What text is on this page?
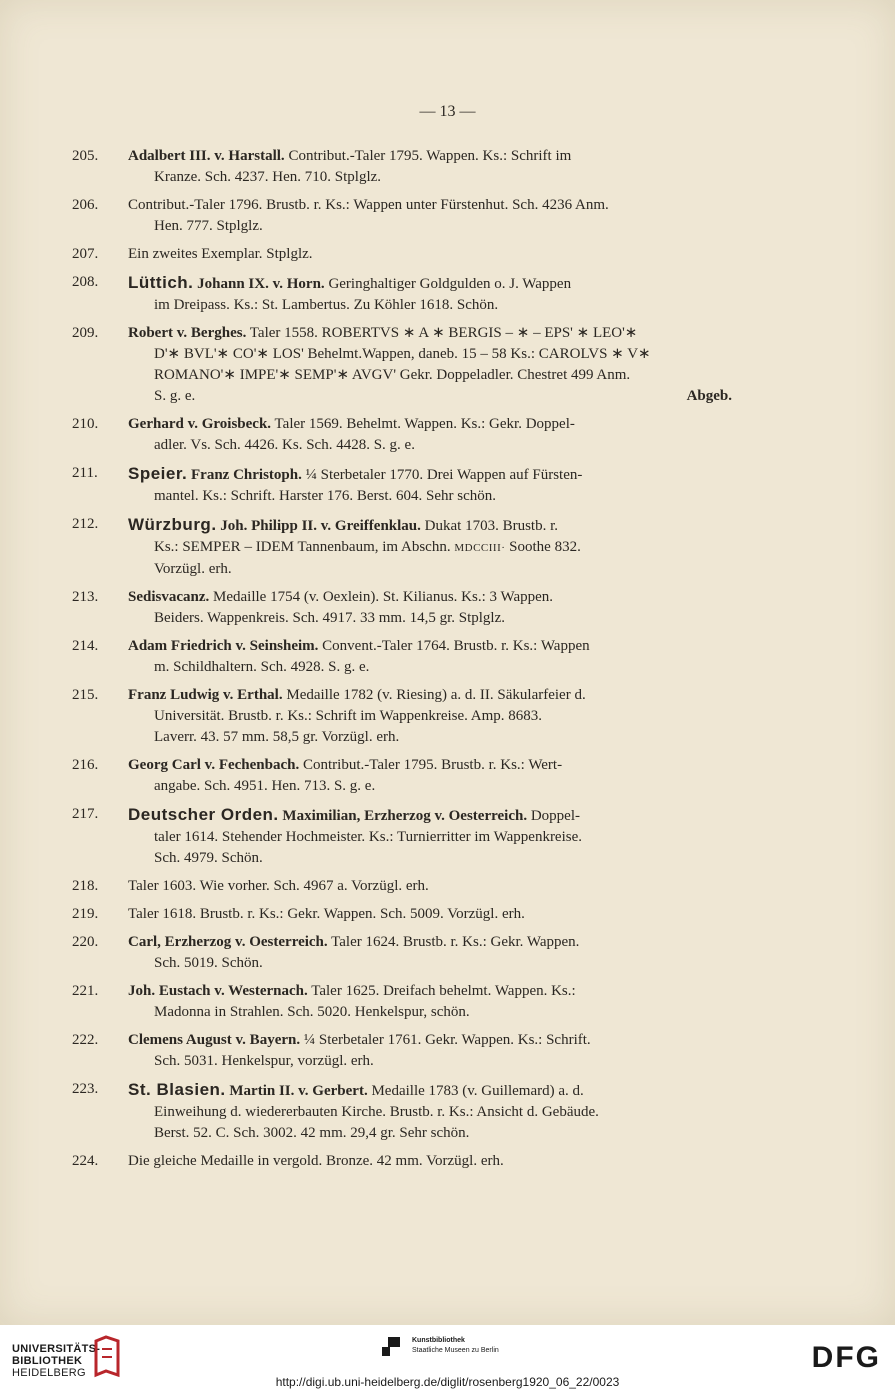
— 13 —
205.	Adalbert III. v. Harstall. Contribut.-Taler 1795. Wappen. Ks.: Schrift im
Kranze. Sch. 4237. Hen. 710. Stplglz.
206.	Contribut.-Taler 1796. Brustb. r. Ks.: Wappen unter Fürstenhut. Sch. 4236 Anm.
Hen. 777. Stplglz.
207.	Ein zweites Exemplar. Stplglz.
208.	Lüttich. Johann IX. v. Horn. Geringhaltiger Goldgulden o. J. Wappen
im Dreipass. Ks.: St. Lambertus. Zu Köhler 1618. Schön.
209.	Robert v. Berghes. Taler 1558. ROBERTVS ∗ A ∗ BERGIS – ∗ – EPS' ∗ LEO'∗
D'∗ BVL'∗ CO'∗ LOS' Behelmt.Wappen, daneb. 15 – 58 Ks.: CAROLVS ∗ V∗
ROMANO'∗ IMPE'∗ SEMP'∗ AVGV' Gekr. Doppeladler. Chestret 499 Anm.
Abgeb.
S. g. e.
210.	Gerhard v. Groisbeck. Taler 1569. Behelmt. Wappen. Ks.: Gekr. Doppel-
adler. Vs. Sch. 4426. Ks. Sch. 4428. S. g. e.
211.	Speier. Franz Christoph. ¼ Sterbetaler 1770. Drei Wappen auf Fürsten-
mantel. Ks.: Schrift. Harster 176. Berst. 604. Sehr schön.
212.	Würzburg. Joh. Philipp II. v. Greiffenklau. Dukat 1703. Brustb. r.
Ks.: SEMPER – IDEM Tannenbaum, im Abschn. MDCCIII· Soothe 832.
Vorzügl. erh.
213.	Sedisvacanz. Medaille 1754 (v. Oexlein). St. Kilianus. Ks.: 3 Wappen.
Beiders. Wappenkreis. Sch. 4917. 33 mm. 14,5 gr. Stplglz.
214.	Adam Friedrich v. Seinsheim. Convent.-Taler 1764. Brustb. r. Ks.: Wappen
m. Schildhaltern. Sch. 4928. S. g. e.
215.	Franz Ludwig v. Erthal. Medaille 1782 (v. Riesing) a. d. II. Säkularfeier d.
Universität. Brustb. r. Ks.: Schrift im Wappenkreise. Amp. 8683.
Laverr. 43. 57 mm. 58,5 gr. Vorzügl. erh.
216.	Georg Carl v. Fechenbach. Contribut.-Taler 1795. Brustb. r. Ks.: Wert-
angabe. Sch. 4951. Hen. 713. S. g. e.
217.	Deutscher Orden. Maximilian, Erzherzog v. Oesterreich. Doppel-
taler 1614. Stehender Hochmeister. Ks.: Turnierritter im Wappenkreise.
Sch. 4979. Schön.
218.	Taler 1603. Wie vorher. Sch. 4967 a. Vorzügl. erh.
219.	Taler 1618. Brustb. r. Ks.: Gekr. Wappen. Sch. 5009. Vorzügl. erh.
220.	Carl, Erzherzog v. Oesterreich. Taler 1624. Brustb. r. Ks.: Gekr. Wappen.
Sch. 5019. Schön.
221.	Joh. Eustach v. Westernach. Taler 1625. Dreifach behelmt. Wappen. Ks.:
Madonna in Strahlen. Sch. 5020. Henkelspur, schön.
222.	Clemens August v. Bayern. ¼ Sterbetaler 1761. Gekr. Wappen. Ks.: Schrift.
Sch. 5031. Henkelspur, vorzügl. erh.
223.	St. Blasien. Martin II. v. Gerbert. Medaille 1783 (v. Guillemard) a. d.
Einweihung d. wiedererbauten Kirche. Brustb. r. Ks.: Ansicht d. Gebäude.
Berst. 52. C. Sch. 3002. 42 mm. 29,4 gr. Sehr schön.
224.	Die gleiche Medaille in vergold. Bronze. 42 mm. Vorzügl. erh.
UNIVERSITÄTS-
BIBLIOTHEK
HEIDELBERG
Kunstbibliothek
Staatliche Museen zu Berlin	DFG
http://digi.ub.uni-heidelberg.de/diglit/rosenberg1920_06_22/0023
